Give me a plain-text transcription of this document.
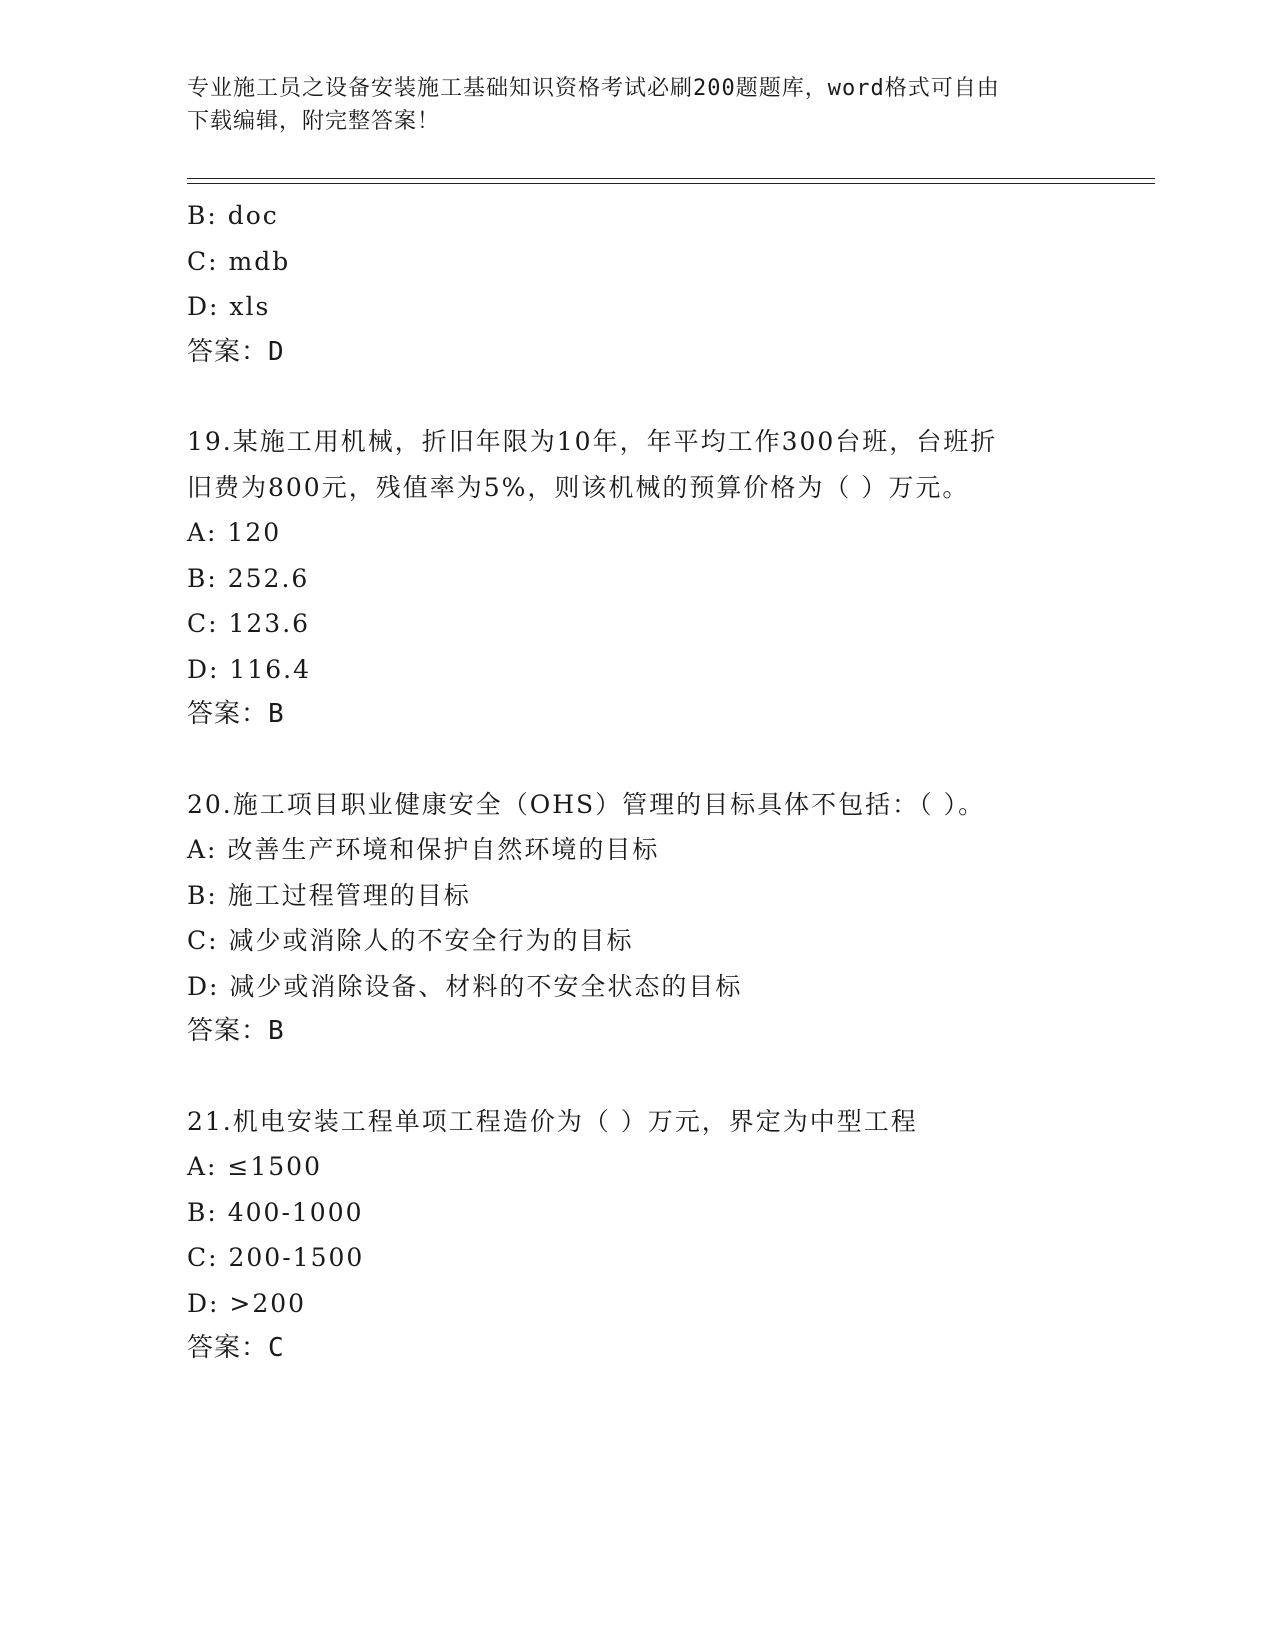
专业施工员之设备安装施工基础知识资格考试必刷200题题库，word格式可自由
下载编辑，附完整答案！
B: doc
C: mdb
D: xls
答案：D
19.某施工用机械，折旧年限为10年，年平均工作300台班，台班折
旧费为800元，残值率为5%，则该机械的预算价格为（ ）万元。
A: 120
B: 252.6
C: 123.6
D: 116.4
答案：B
20.施工项目职业健康安全（OHS）管理的目标具体不包括：（ ）。
A: 改善生产环境和保护自然环境的目标
B: 施工过程管理的目标
C: 减少或消除人的不安全行为的目标
D: 减少或消除设备、材料的不安全状态的目标
答案：B
21.机电安装工程单项工程造价为（ ）万元，界定为中型工程
A: ≤1500
B: 400-1000
C: 200-1500
D: >200
答案：C
